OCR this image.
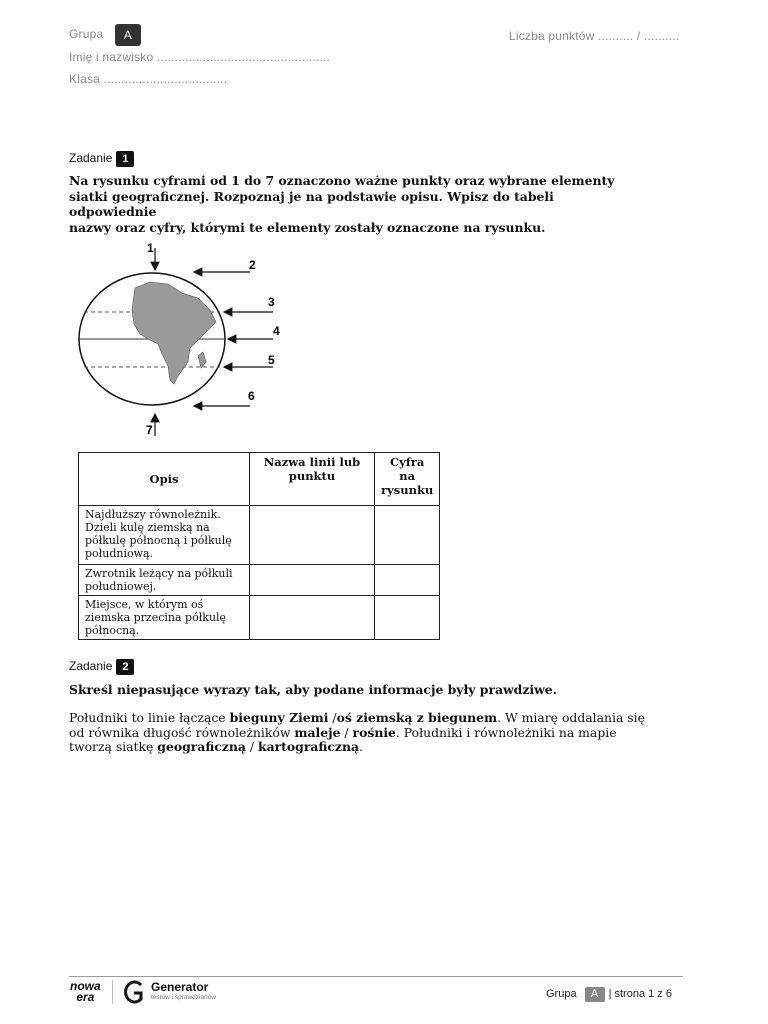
Grupa A
Imię i nazwisko .................................................
Klasa ...................................
Liczba punktów .......... / ..........
Zadanie 1
Na rysunku cyframi od 1 do 7 oznaczono ważne punkty oraz wybrane elementy
siatki geograficznej. Rozpoznaj je na podstawie opisu. Wpisz do tabeli odpowiednie
nazwy oraz cyfry, którymi te elementy zostały oznaczone na rysunku.
1
2
3
4
5
6
7
Opis	Nazwa linii lub punktu	Cyfra na rysunku
Najdłuższy równoleżnik. Dzieli kulę ziemską na półkulę północną i półkulę południową.		
Zwrotnik leżący na półkuli południowej.		
Miejsce, w którym oś ziemska przecina półkulę północną.		
Zadanie 2
Skreśl niepasujące wyrazy tak, aby podane informacje były prawdziwe.
Południki to linie łączące bieguny Ziemi /oś ziemską z biegunem. W miarę oddalania się
od równika długość równoleżników maleje / rośnie. Południki i równoleżniki na mapie
tworzą siatkę geograficzną / kartograficzną.
nowa
era
Generator
testów i sprawdzianów	Grupa A | strona 1 z 6
